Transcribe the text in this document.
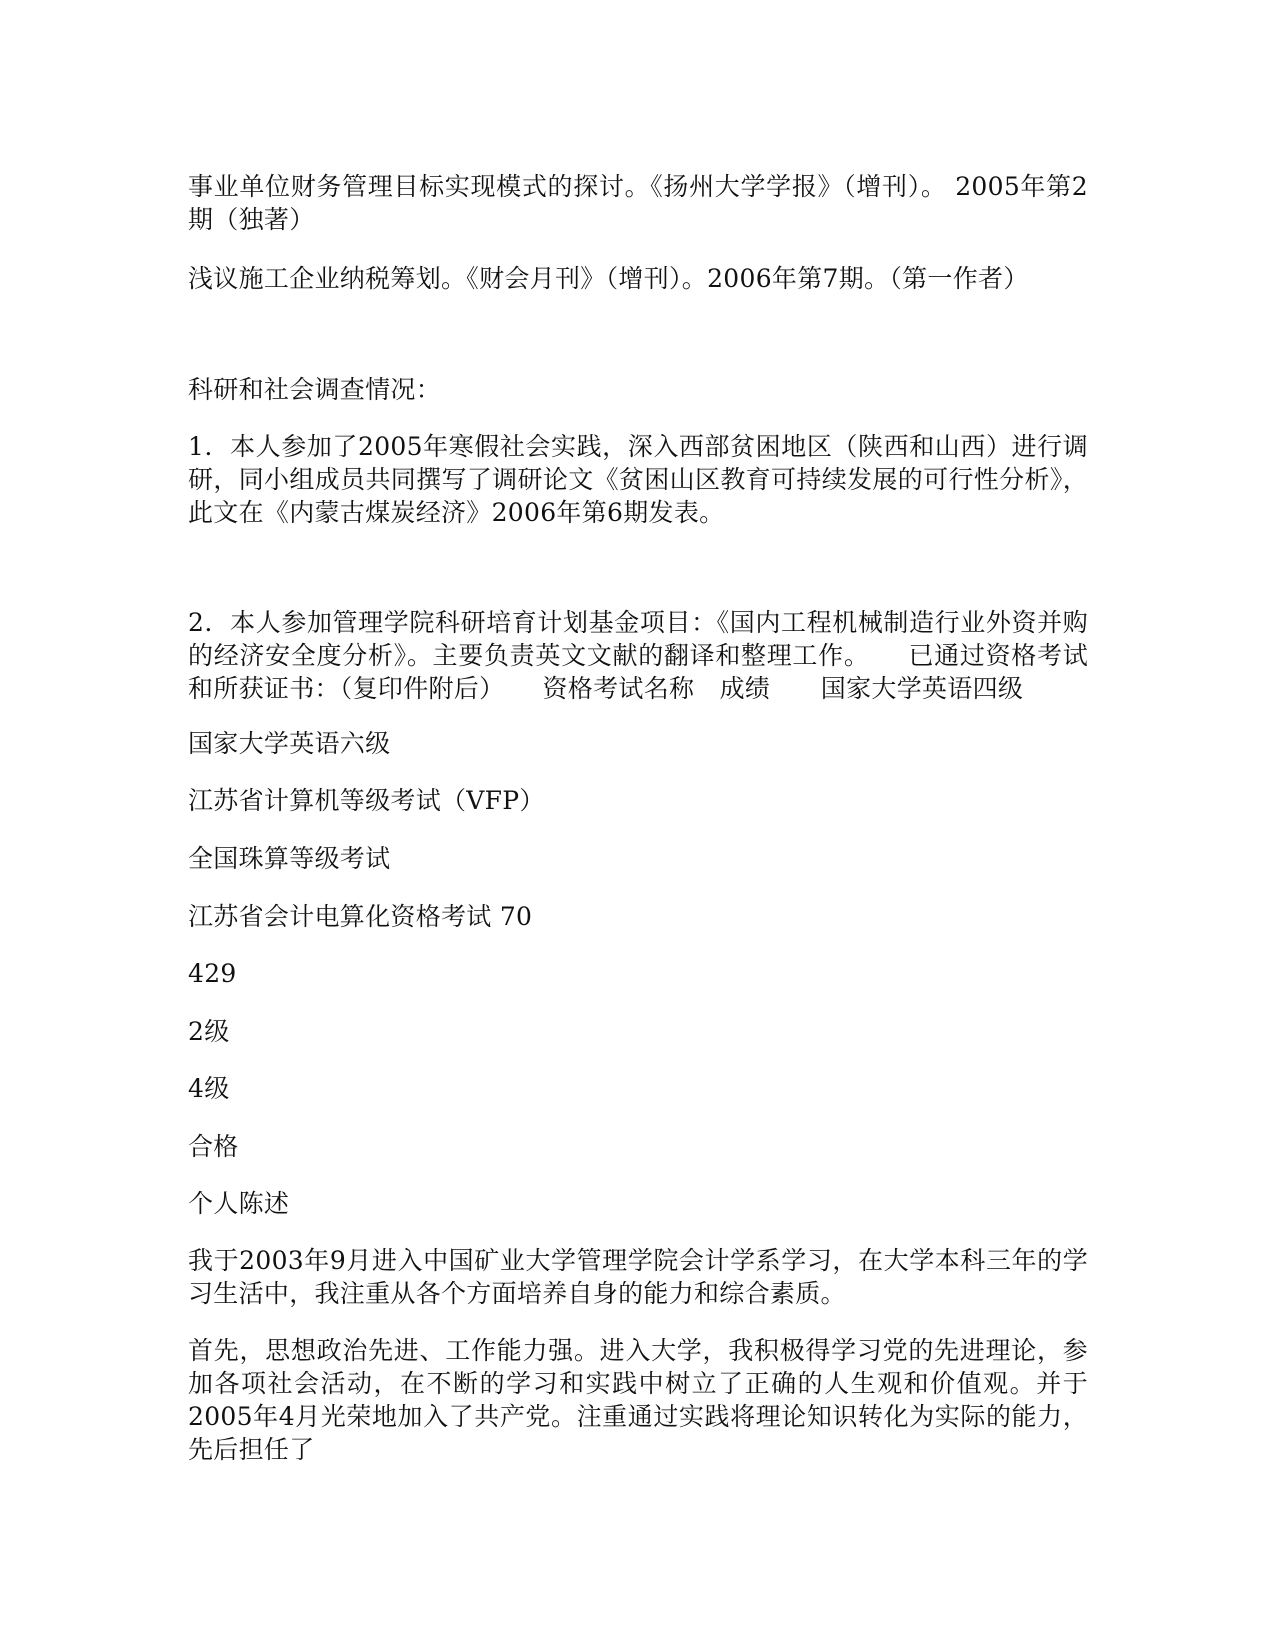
事业单位财务管理目标实现模式的探讨。《扬州大学学报》（增刊）。 2005年第2期（独著）

浅议施工企业纳税筹划。《财会月刊》（增刊）。2006年第7期。（第一作者）

科研和社会调查情况：

1．本人参加了2005年寒假社会实践，深入西部贫困地区（陕西和山西）进行调研，同小组成员共同撰写了调研论文《贫困山区教育可持续发展的可行性分析》，此文在《内蒙古煤炭经济》2006年第6期发表。

2．本人参加管理学院科研培育计划基金项目：《国内工程机械制造行业外资并购的经济安全度分析》。主要负责英文文献的翻译和整理工作。　　已通过资格考试和所获证书：（复印件附后）　　资格考试名称　成绩　　国家大学英语四级

国家大学英语六级

江苏省计算机等级考试（VFP）

全国珠算等级考试

江苏省会计电算化资格考试 70

429

2级

4级

合格

个人陈述

我于2003年9月进入中国矿业大学管理学院会计学系学习，在大学本科三年的学习生活中，我注重从各个方面培养自身的能力和综合素质。

首先，思想政治先进、工作能力强。进入大学，我积极得学习党的先进理论，参加各项社会活动，在不断的学习和实践中树立了正确的人生观和价值观。并于2005年4月光荣地加入了共产党。注重通过实践将理论知识转化为实际的能力，先后担任了
